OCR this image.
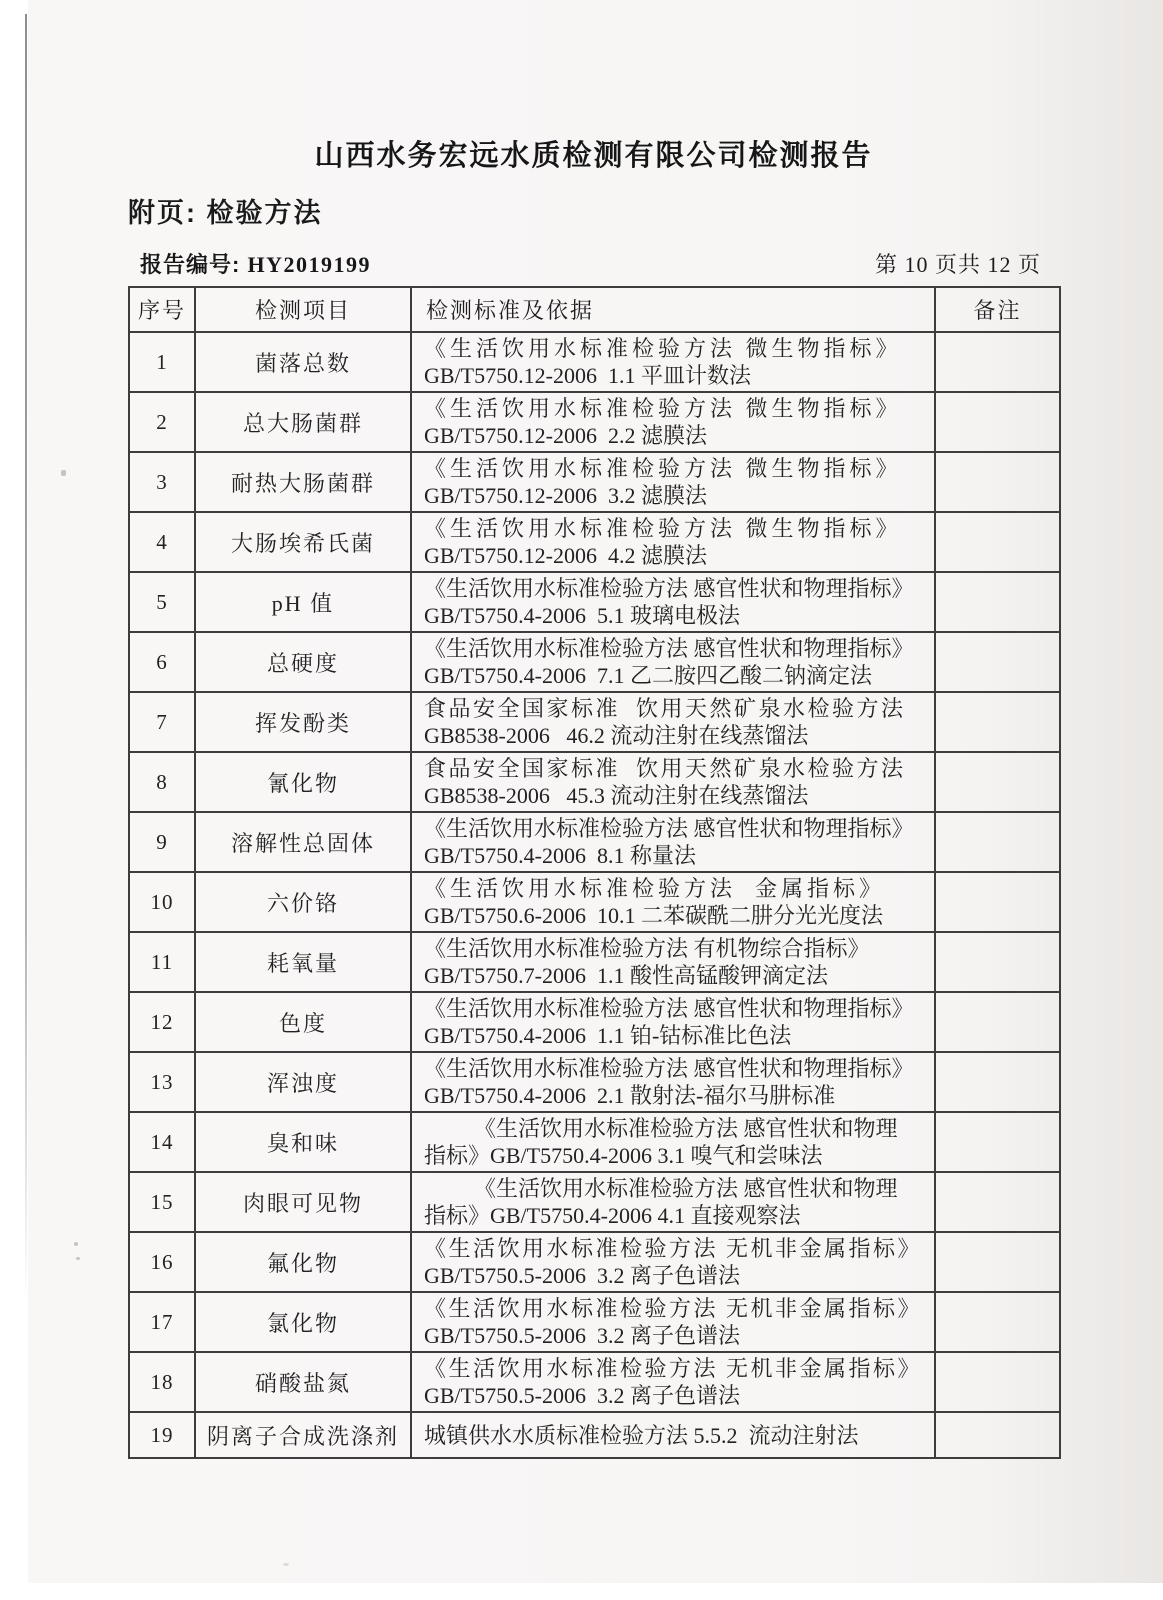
山西水务宏远水质检测有限公司检测报告
附页: 检验方法
报告编号: HY2019199	第 10 页共 12 页
序号	检测项目	检测标准及依据	备注
1	菌落总数	《生活饮用水标准检验方法 微生物指标》
GB/T5750.12-2006  1.1 平皿计数法	

2	总大肠菌群	《生活饮用水标准检验方法 微生物指标》
GB/T5750.12-2006  2.2 滤膜法	

3	耐热大肠菌群	《生活饮用水标准检验方法 微生物指标》
GB/T5750.12-2006  3.2 滤膜法	

4	大肠埃希氏菌	《生活饮用水标准检验方法 微生物指标》
GB/T5750.12-2006  4.2 滤膜法	

5	pH 值	《生活饮用水标准检验方法 感官性状和物理指标》
GB/T5750.4-2006  5.1 玻璃电极法	

6	总硬度	《生活饮用水标准检验方法 感官性状和物理指标》
GB/T5750.4-2006  7.1 乙二胺四乙酸二钠滴定法	

7	挥发酚类	食品安全国家标准  饮用天然矿泉水检验方法
GB8538-2006   46.2 流动注射在线蒸馏法	

8	氰化物	食品安全国家标准  饮用天然矿泉水检验方法
GB8538-2006   45.3 流动注射在线蒸馏法	

9	溶解性总固体	《生活饮用水标准检验方法 感官性状和物理指标》
GB/T5750.4-2006  8.1 称量法	

10	六价铬	《生活饮用水标准检验方法  金属指标》
GB/T5750.6-2006  10.1 二苯碳酰二肼分光光度法	

11	耗氧量	《生活饮用水标准检验方法 有机物综合指标》
GB/T5750.7-2006  1.1 酸性高锰酸钾滴定法	

12	色度	《生活饮用水标准检验方法 感官性状和物理指标》
GB/T5750.4-2006  1.1 铂-钴标准比色法	

13	浑浊度	《生活饮用水标准检验方法 感官性状和物理指标》
GB/T5750.4-2006  2.1 散射法-福尔马肼标准	

14	臭和味	《生活饮用水标准检验方法 感官性状和物理
指标》GB/T5750.4-2006 3.1 嗅气和尝味法	

15	肉眼可见物	《生活饮用水标准检验方法 感官性状和物理
指标》GB/T5750.4-2006 4.1 直接观察法	

16	氟化物	《生活饮用水标准检验方法 无机非金属指标》
GB/T5750.5-2006  3.2 离子色谱法	

17	氯化物	《生活饮用水标准检验方法 无机非金属指标》
GB/T5750.5-2006  3.2 离子色谱法	

18	硝酸盐氮	《生活饮用水标准检验方法 无机非金属指标》
GB/T5750.5-2006  3.2 离子色谱法	

19	阴离子合成洗涤剂	城镇供水水质标准检验方法 5.5.2  流动注射法	
